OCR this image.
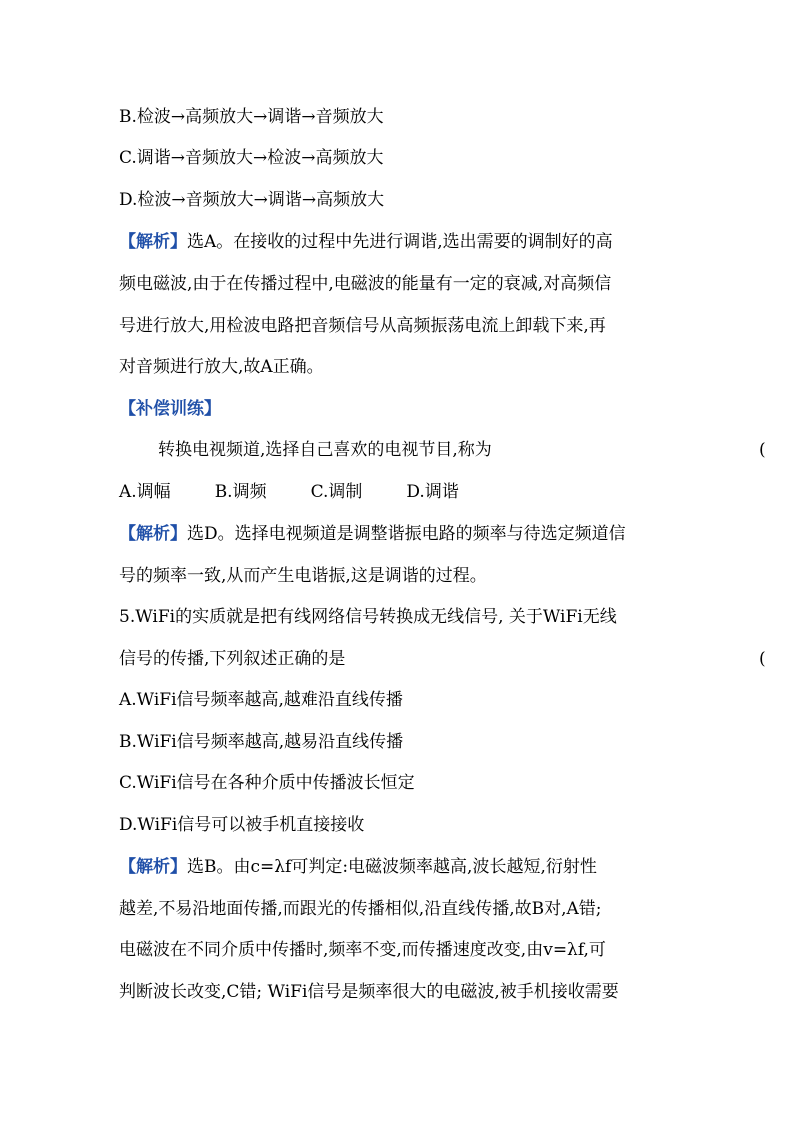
B.检波→高频放大→调谐→音频放大
C.调谐→音频放大→检波→高频放大
D.检波→音频放大→调谐→高频放大
【解析】选A。在接收的过程中先进行调谐,选出需要的调制好的高
频电磁波,由于在传播过程中,电磁波的能量有一定的衰减,对高频信
号进行放大,用检波电路把音频信号从高频振荡电流上卸载下来,再
对音频进行放大,故A正确。
【补偿训练】
转换电视频道,选择自己喜欢的电视节目,称为	(
A.调幅	B.调频	C.调制	D.调谐
【解析】选D。选择电视频道是调整谐振电路的频率与待选定频道信
号的频率一致,从而产生电谐振,这是调谐的过程。
5.WiFi的实质就是把有线网络信号转换成无线信号, 关于WiFi无线
信号的传播,下列叙述正确的是	(
A.WiFi信号频率越高,越难沿直线传播
B.WiFi信号频率越高,越易沿直线传播
C.WiFi信号在各种介质中传播波长恒定
D.WiFi信号可以被手机直接接收
【解析】选B。由c=λf可判定:电磁波频率越高,波长越短,衍射性
越差,不易沿地面传播,而跟光的传播相似,沿直线传播,故B对,A错;
电磁波在不同介质中传播时,频率不变,而传播速度改变,由v=λf,可
判断波长改变,C错; WiFi信号是频率很大的电磁波,被手机接收需要
